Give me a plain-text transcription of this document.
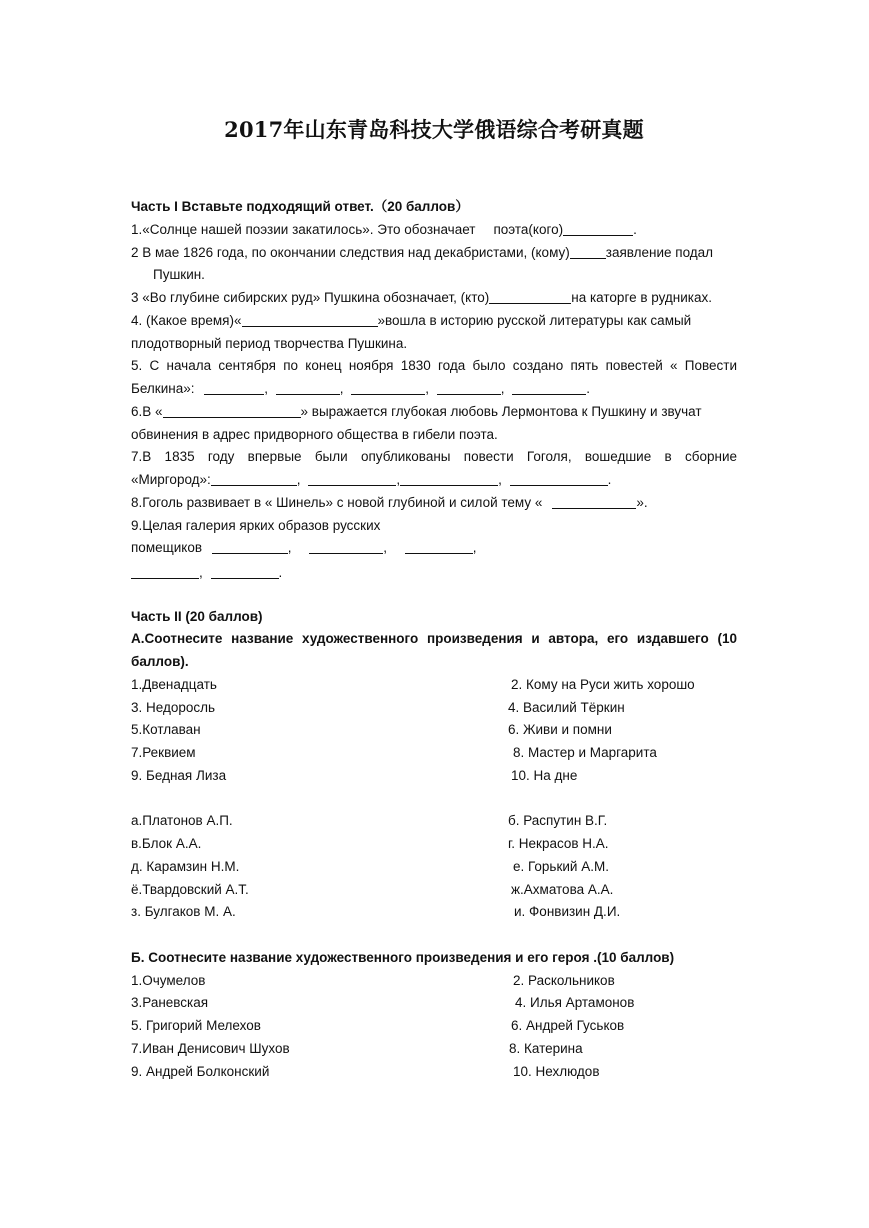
2017年山东青岛科技大学俄语综合考研真题
Часть I Вставьте подходящий ответ.（20 баллов）
1.«Солнце нашей поэзии закатилось». Это обозначает поэта(кого)	.
2 В мае 1826 года, по окончании следствия над декабристами, (кому)	заявление подал
Пушкин.
3 «Во глубине сибирских руд» Пушкина обозначает, (кто)	на каторге в рудниках.
4. (Какое время)«	»вошла в историю русской литературы как самый
плодотворный период творчества Пушкина.
5. С начала сентября по конец ноября 1830 года было создано пять повестей « Повести
Белкина»:	,	,	,	,	.
6.В «	» выражается глубокая любовь Лермонтова к Пушкину и звучат
обвинения в адрес придворного общества в гибели поэта.
7.В 1835 году впервые были опубликованы повести Гоголя, вошедшие в сборние
«Миргород»:	,	,	,	.
8.Гоголь развивает в « Шинель» с новой глубиной и силой тему «	».
9.Целая галерия ярких образов русских
помещиков	,	,	,
,	.
Часть II (20 баллов)
А.Соотнесите название художественного произведения и автора, его издавшего (10
баллов).
1.Двенадцать	2. Кому на Руси жить хорошо
3. Недоросль	4. Василий Тёркин
5.Котлаван	6. Живи и помни
7.Реквием	8. Мастер и Маргарита
9. Бедная Лиза	10. На дне
а.Платонов А.П.	б. Распутин В.Г.
в.Блок А.А.	г. Некрасов Н.А.
д. Карамзин Н.М.	е. Горький А.М.
ё.Твардовский А.Т.	ж.Ахматова А.А.
з. Булгаков М. А.	и. Фонвизин Д.И.
Б. Соотнесите название художественного произведения и его героя .(10 баллов)
1.Очумелов	2. Раскольников
3.Раневская	4. Илья Артамонов
5. Григорий Мелехов	6. Андрей Гуськов
7.Иван Денисович Шухов	8. Катерина
9. Андрей Болконский	10. Нехлюдов
